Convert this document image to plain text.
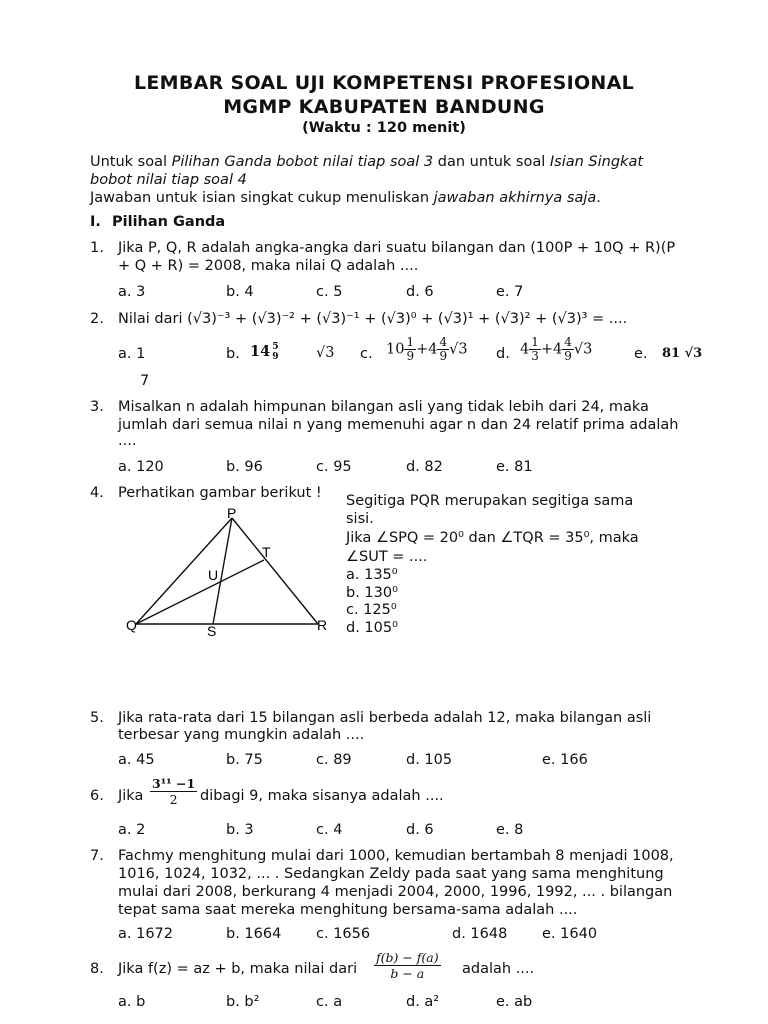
LEMBAR SOAL UJI KOMPETENSI PROFESIONAL
MGMP KABUPATEN BANDUNG
(Waktu : 120 menit)
Untuk soal Pilihan Ganda bobot nilai tiap soal 3 dan untuk soal Isian Singkat
bobot nilai tiap soal 4
Jawaban untuk isian singkat cukup menuliskan jawaban akhirnya saja.
I. Pilihan Ganda
1. Jika P, Q, R adalah angka-angka dari suatu bilangan dan (100P + 10Q + R)(P
+ Q + R) = 2008, maka nilai Q adalah ....
a. 3	b. 4	c. 5	d. 6	e. 7
2. Nilai dari (√3)⁻³ + (√3)⁻² + (√3)⁻¹ + (√3)⁰ + (√3)¹ + (√3)² + (√3)³ = ....
a. 1
7
b. 14 5
9	√3 c. $10 \frac{1}{9} +4 \frac{4}{9} √3$ d. $4 \frac{1}{3} +4 \frac{4}{9} √3$	e. 81 √3
3. Misalkan n adalah himpunan bilangan asli yang tidak lebih dari 24, maka
jumlah dari semua nilai n yang memenuhi agar n dan 24 relatif prima adalah
....
a. 120	b. 96	c. 95	d. 82	e. 81
4. Perhatikan gambar berikut !
P
T
U
Q	S	R
Segitiga PQR merupakan segitiga sama
sisi.
Jika ∠SPQ = 20⁰ dan ∠TQR = 35⁰, maka
∠SUT = ....
a. 135⁰
b. 130⁰
c. 125⁰
d. 105⁰
5. Jika rata-rata dari 15 bilangan asli berbeda adalah 12, maka bilangan asli
terbesar yang mungkin adalah ....
a. 45	b. 75	c. 89	d. 105	e. 166
6. Jika $\frac{\text{3¹¹ −1}}{2}$ dibagi 9, maka sisanya adalah ....
a. 2	b. 3	c. 4	d. 6	e. 8
7. Fachmy menghitung mulai dari 1000, kemudian bertambah 8 menjadi 1008,
1016, 1024, 1032, ... . Sedangkan Zeldy pada saat yang sama menghitung
mulai dari 2008, berkurang 4 menjadi 2004, 2000, 1996, 1992, ... . bilangan
tepat sama saat mereka menghitung bersama-sama adalah ....
a. 1672	b. 1664 c. 1656	d. 1648 e. 1640
8. Jika f(z) = az + b, maka nilai dari $\frac{f(b) - f(a)}{b - a}$ adalah ....
a. b	b. b²	c. a	d. a²	e. ab
